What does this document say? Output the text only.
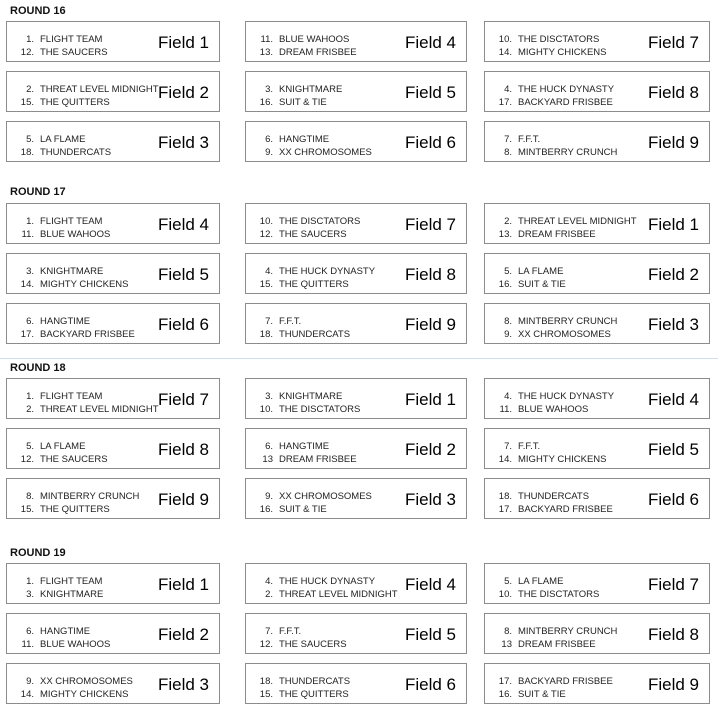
ROUND 16
1. FLIGHT TEAM
12. THE SAUCERS
Field 1	11. BLUE WAHOOS
13. DREAM FRISBEE
Field 4	10. THE DISCTATORS
14. MIGHTY CHICKENS
Field 7
2. THREAT LEVEL MIDNIGHT
15. THE QUITTERS
Field 2	3. KNIGHTMARE
16. SUIT & TIE
Field 5	4. THE HUCK DYNASTY
17. BACKYARD FRISBEE
Field 8
5. LA FLAME
18. THUNDERCATS
Field 3	6. HANGTIME
9. XX CHROMOSOMES
Field 6	7. F.F.T.
8. MINTBERRY CRUNCH
Field 9
ROUND 17
1. FLIGHT TEAM
11. BLUE WAHOOS
Field 4	10. THE DISCTATORS
12. THE SAUCERS
Field 7	2. THREAT LEVEL MIDNIGHT
13. DREAM FRISBEE
Field 1
3. KNIGHTMARE
14. MIGHTY CHICKENS
Field 5	4. THE HUCK DYNASTY
15. THE QUITTERS
Field 8	5. LA FLAME
16. SUIT & TIE
Field 2
6. HANGTIME
17. BACKYARD FRISBEE
Field 6	7. F.F.T.
18. THUNDERCATS
Field 9	8. MINTBERRY CRUNCH
9. XX CHROMOSOMES
Field 3
ROUND 18
1. FLIGHT TEAM
2. THREAT LEVEL MIDNIGHT
Field 7	3. KNIGHTMARE
10. THE DISCTATORS
Field 1	4. THE HUCK DYNASTY
11. BLUE WAHOOS
Field 4
5. LA FLAME
12. THE SAUCERS
Field 8	6. HANGTIME
13 DREAM FRISBEE
Field 2	7. F.F.T.
14. MIGHTY CHICKENS
Field 5
8. MINTBERRY CRUNCH
15. THE QUITTERS
Field 9	9. XX CHROMOSOMES
16. SUIT & TIE
Field 3	18. THUNDERCATS
17. BACKYARD FRISBEE
Field 6
ROUND 19
1. FLIGHT TEAM
3. KNIGHTMARE
Field 1	4. THE HUCK DYNASTY
2. THREAT LEVEL MIDNIGHT
Field 4	5. LA FLAME
10. THE DISCTATORS
Field 7
6. HANGTIME
11. BLUE WAHOOS
Field 2	7. F.F.T.
12. THE SAUCERS
Field 5	8. MINTBERRY CRUNCH
13 DREAM FRISBEE
Field 8
9. XX CHROMOSOMES
14. MIGHTY CHICKENS
Field 3	18. THUNDERCATS
15. THE QUITTERS
Field 6	17. BACKYARD FRISBEE
16. SUIT & TIE
Field 9
